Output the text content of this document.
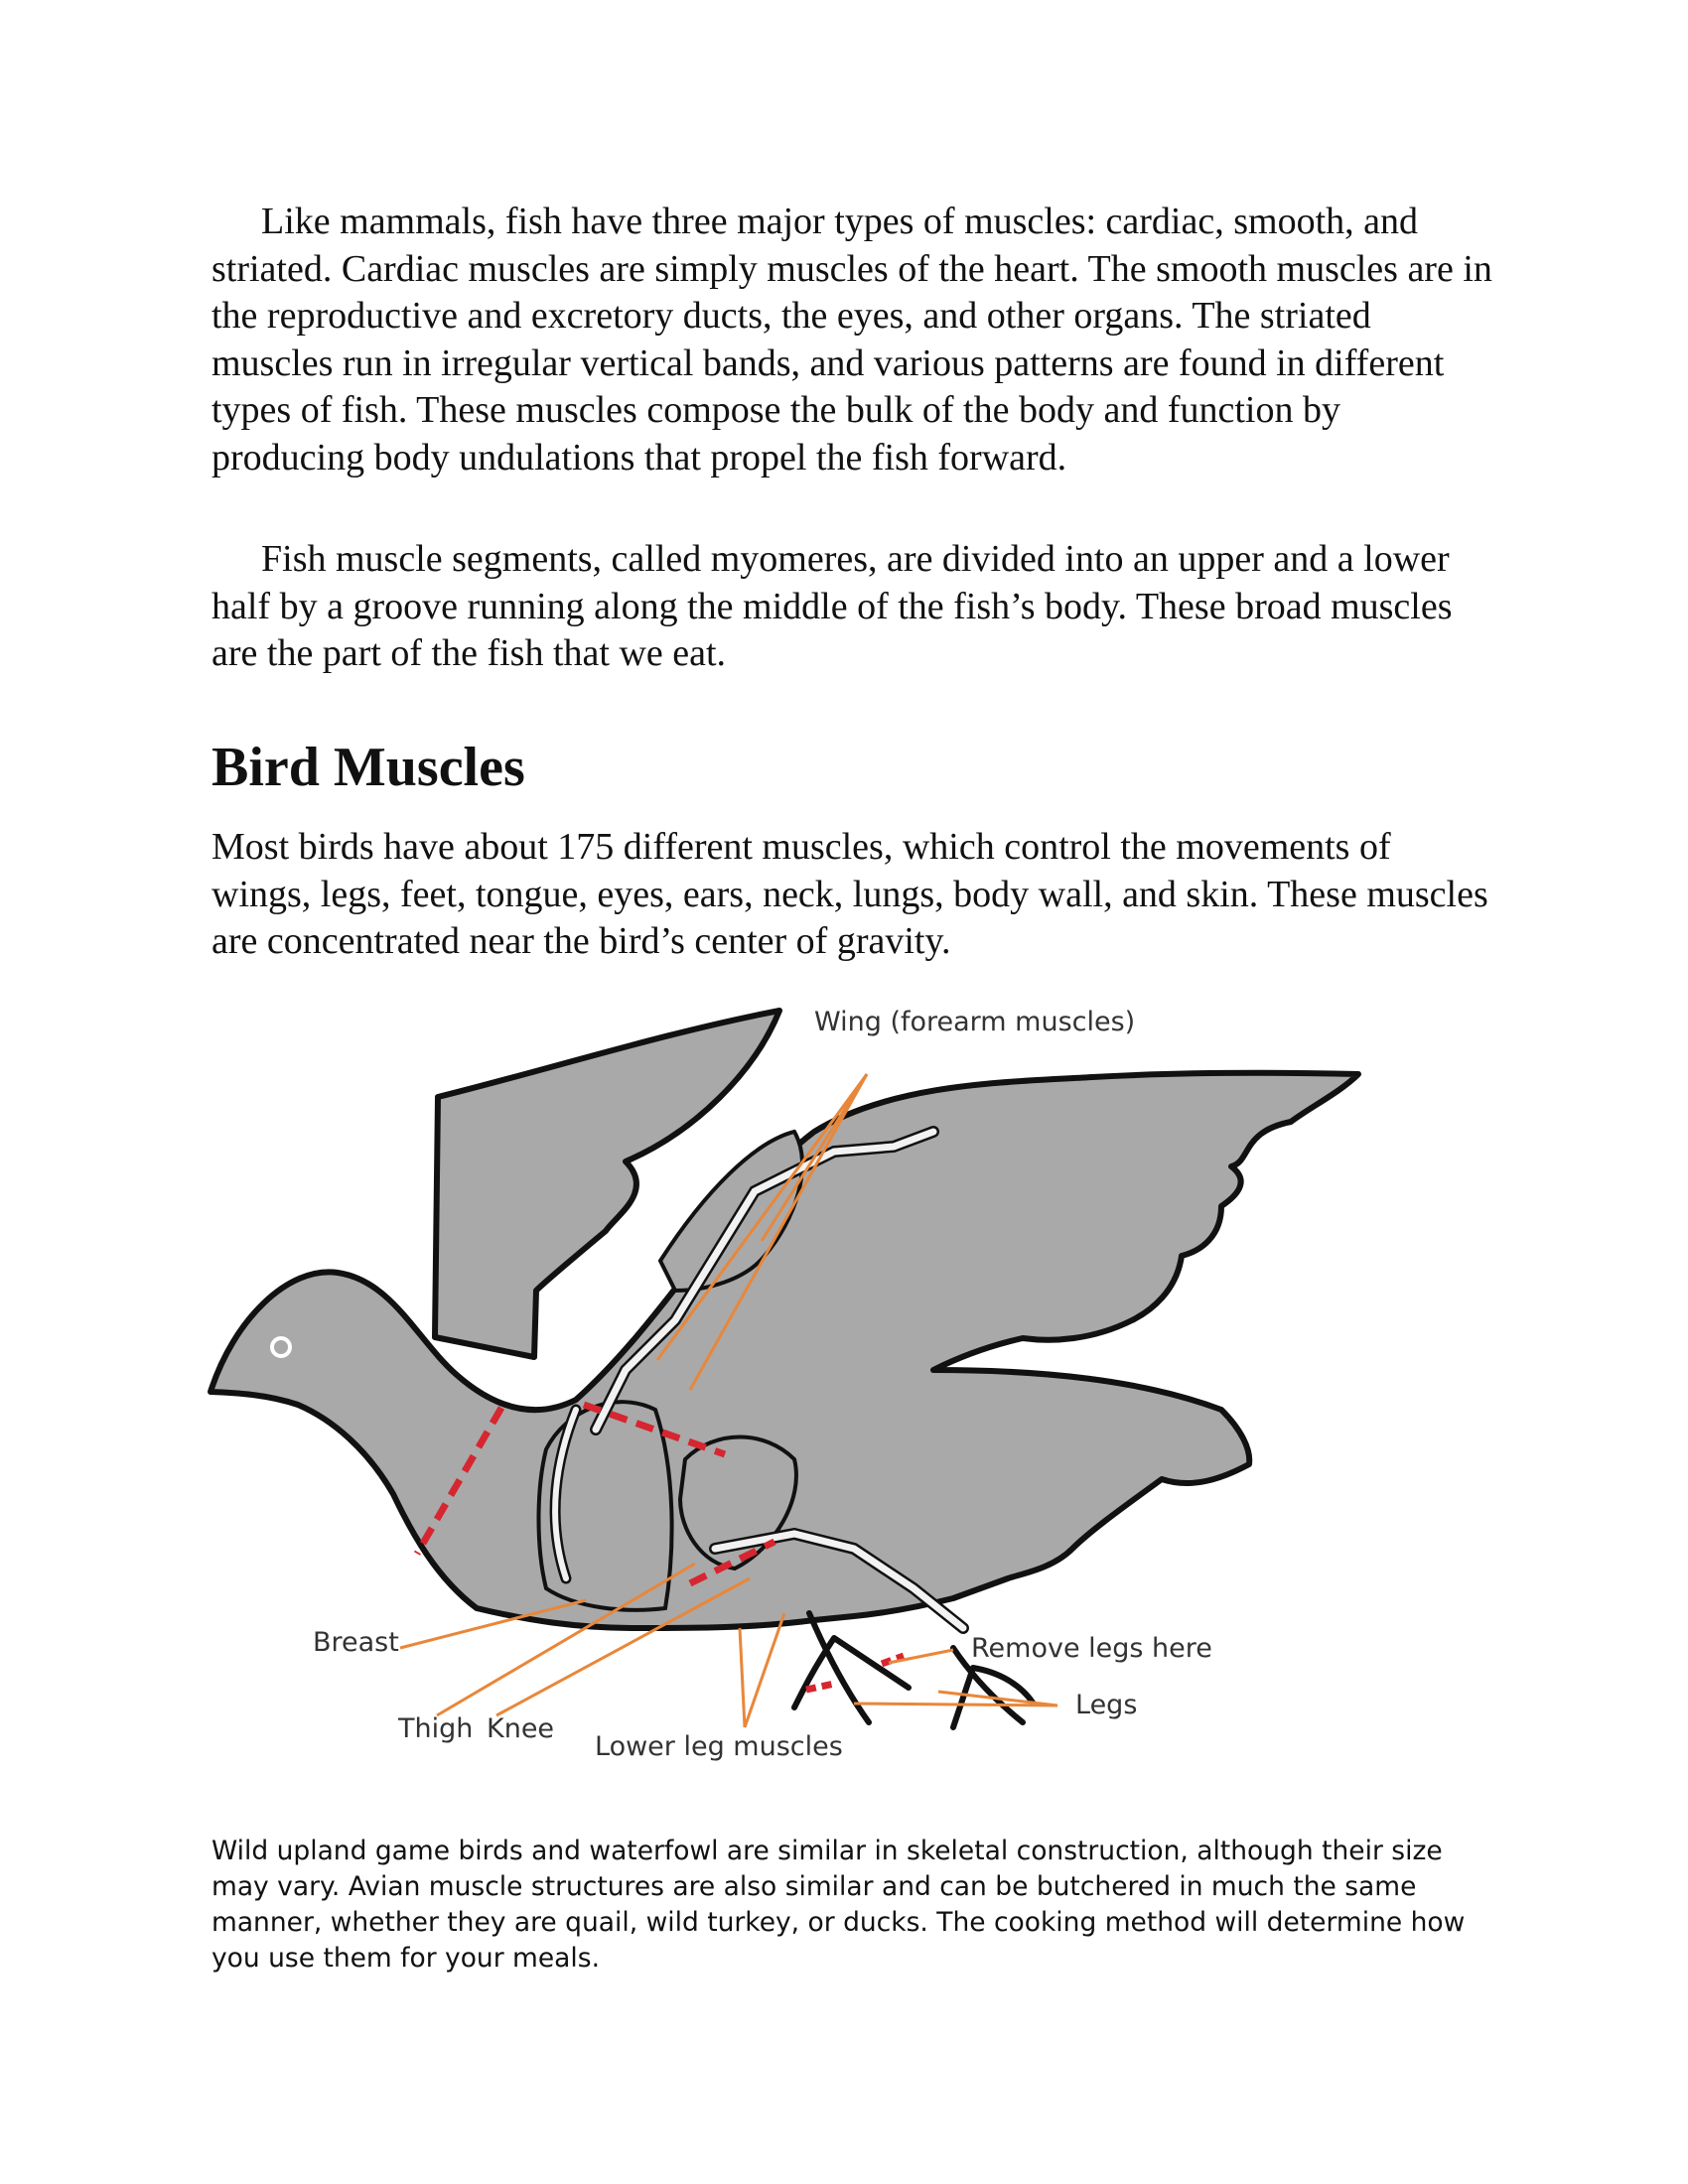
Like mammals, fish have three major types of muscles: cardiac, smooth, and striated. Cardiac muscles are simply muscles of the heart. The smooth muscles are in the reproductive and excretory ducts, the eyes, and other organs. The striated muscles run in irregular vertical bands, and various patterns are found in different types of fish. These muscles compose the bulk of the body and function by producing body undulations that propel the fish forward.

Fish muscle segments, called myomeres, are divided into an upper and a lower half by a groove running along the middle of the fish’s body. These broad muscles are the part of the fish that we eat.

Bird Muscles

Most birds have about 175 different muscles, which control the movements of wings, legs, feet, tongue, eyes, ears, neck, lungs, body wall, and skin. These muscles are concentrated near the bird’s center of gravity.

Wing (forearm muscles)
Breast
Thigh Knee
Lower leg muscles
Remove legs here
Legs

Wild upland game birds and waterfowl are similar in skeletal construction, although their size may vary. Avian muscle structures are also similar and can be butchered in much the same manner, whether they are quail, wild turkey, or ducks. The cooking method will determine how you use them for your meals.
